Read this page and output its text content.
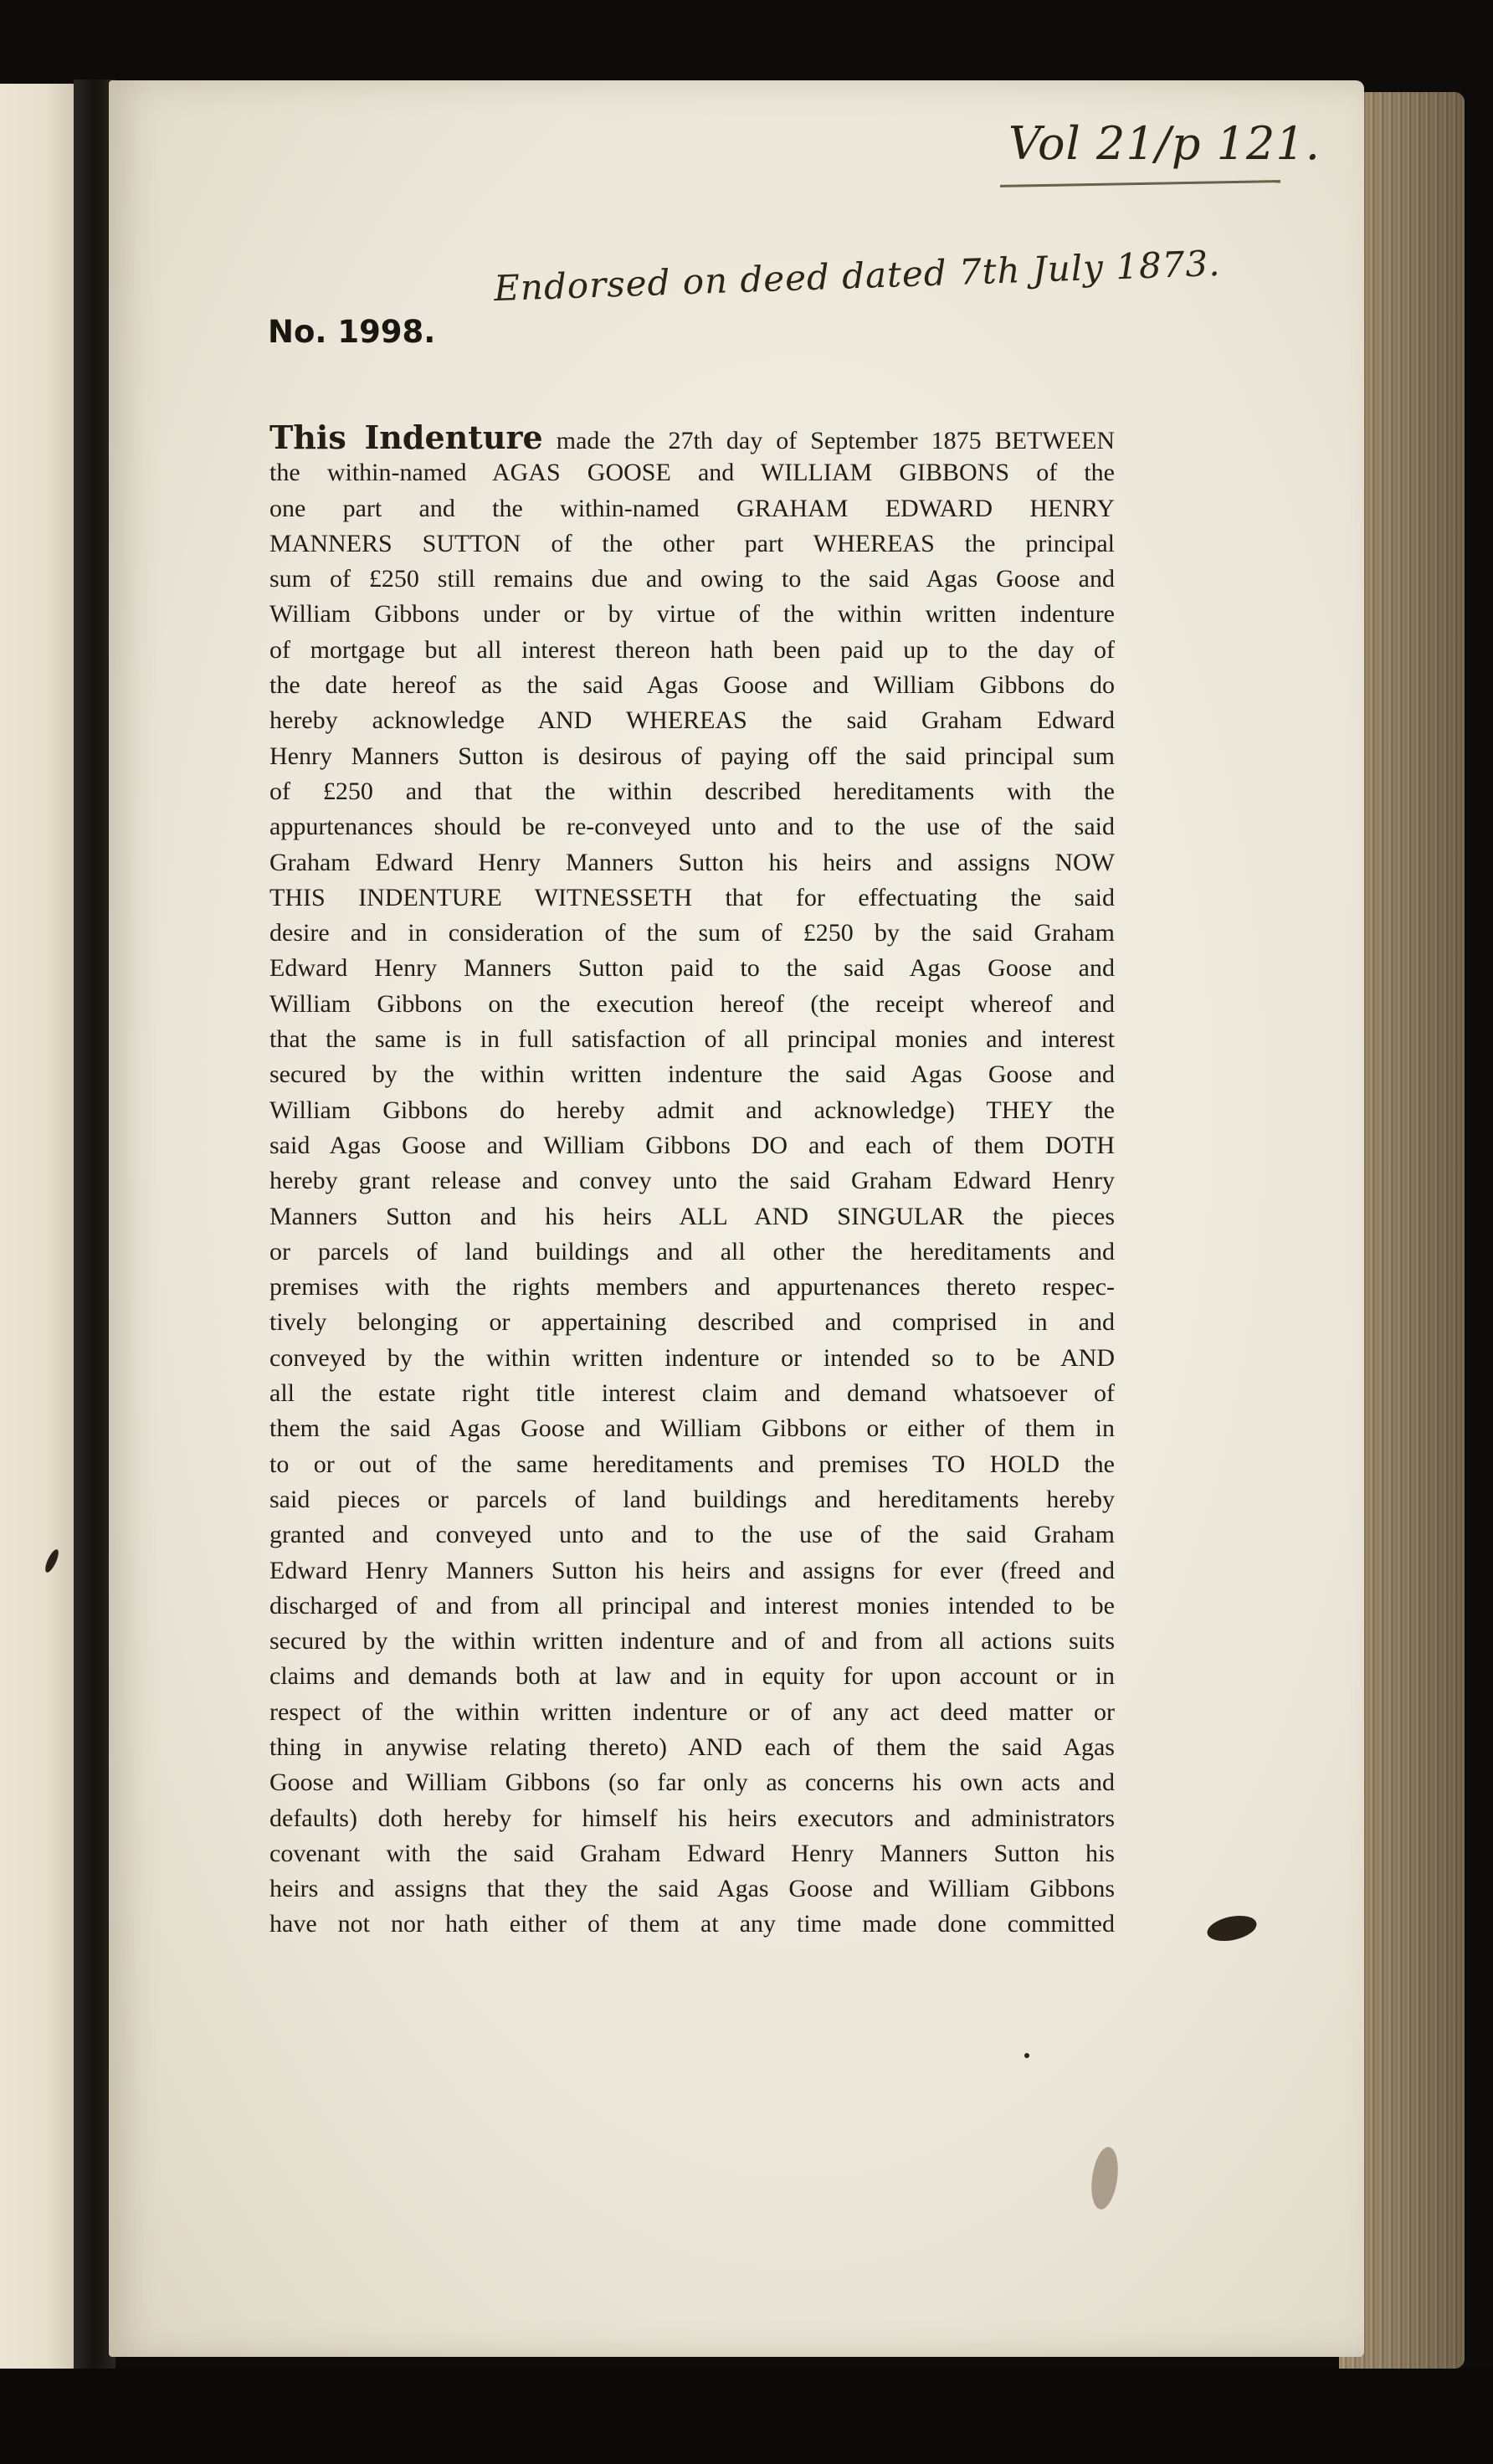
Vol 21/p 121.
Endorsed on deed dated 7th July 1873.
No. 1998.
This Indenture made the 27th day of September 1875 BETWEEN
the within-named AGAS GOOSE and WILLIAM GIBBONS of the
one part and the within-named GRAHAM EDWARD HENRY
MANNERS SUTTON of the other part WHEREAS the principal
sum of £250 still remains due and owing to the said Agas Goose and
William Gibbons under or by virtue of the within written indenture
of mortgage but all interest thereon hath been paid up to the day of
the date hereof as the said Agas Goose and William Gibbons do
hereby acknowledge AND WHEREAS the said Graham Edward
Henry Manners Sutton is desirous of paying off the said principal sum
of £250 and that the within described hereditaments with the
appurtenances should be re-conveyed unto and to the use of the said
Graham Edward Henry Manners Sutton his heirs and assigns NOW
THIS INDENTURE WITNESSETH that for effectuating the said
desire and in consideration of the sum of £250 by the said Graham
Edward Henry Manners Sutton paid to the said Agas Goose and
William Gibbons on the execution hereof (the receipt whereof and
that the same is in full satisfaction of all principal monies and interest
secured by the within written indenture the said Agas Goose and
William Gibbons do hereby admit and acknowledge) THEY the
said Agas Goose and William Gibbons DO and each of them DOTH
hereby grant release and convey unto the said Graham Edward Henry
Manners Sutton and his heirs ALL AND SINGULAR the pieces
or parcels of land buildings and all other the hereditaments and
premises with the rights members and appurtenances thereto respec-
tively belonging or appertaining described and comprised in and
conveyed by the within written indenture or intended so to be AND
all the estate right title interest claim and demand whatsoever of
them the said Agas Goose and William Gibbons or either of them in
to or out of the same hereditaments and premises TO HOLD the
said pieces or parcels of land buildings and hereditaments hereby
granted and conveyed unto and to the use of the said Graham
Edward Henry Manners Sutton his heirs and assigns for ever (freed and
discharged of and from all principal and interest monies intended to be
secured by the within written indenture and of and from all actions suits
claims and demands both at law and in equity for upon account or in
respect of the within written indenture or of any act deed matter or
thing in anywise relating thereto) AND each of them the said Agas
Goose and William Gibbons (so far only as concerns his own acts and
defaults) doth hereby for himself his heirs executors and administrators
covenant with the said Graham Edward Henry Manners Sutton his
heirs and assigns that they the said Agas Goose and William Gibbons
have not nor hath either of them at any time made done committed
